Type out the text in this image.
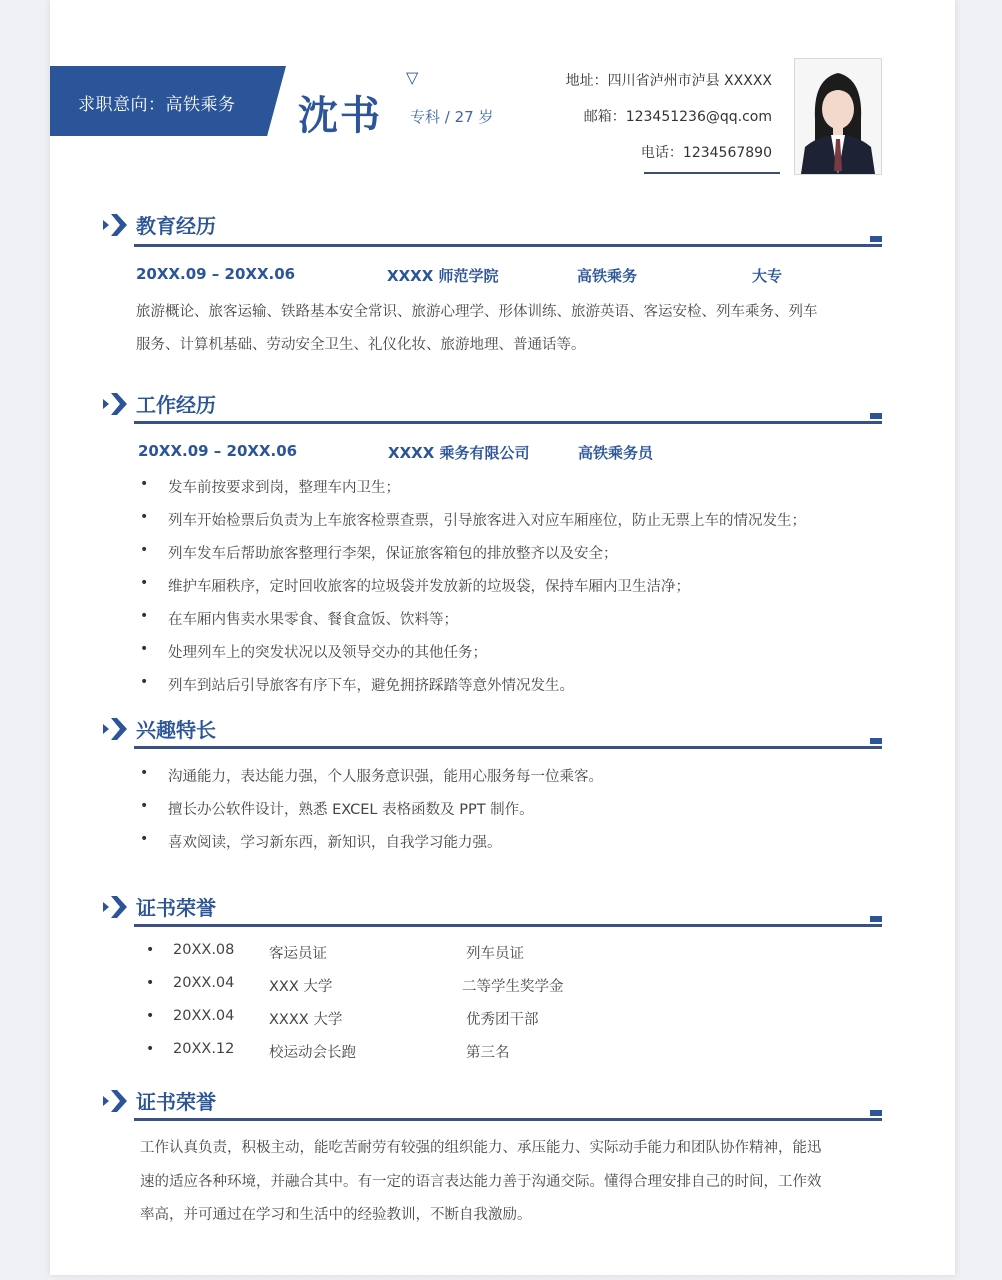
求职意向：高铁乘务 沈书
▽
专科 / 27 岁
地址：四川省泸州市泸县 XXXXX
邮箱：123451236@qq.com
电话：1234567890
教育经历
20XX.09 – 20XX.06	XXXX 师范学院	高铁乘务	大专
旅游概论、旅客运输、铁路基本安全常识、旅游心理学、形体训练、旅游英语、客运安检、列车乘务、列车
服务、计算机基础、劳动安全卫生、礼仪化妆、旅游地理、普通话等。
工作经历
20XX.09 – 20XX.06	XXXX 乘务有限公司	高铁乘务员
• 发车前按要求到岗，整理车内卫生；
• 列车开始检票后负责为上车旅客检票查票，引导旅客进入对应车厢座位，防止无票上车的情况发生；
• 列车发车后帮助旅客整理行李架，保证旅客箱包的排放整齐以及安全；
• 维护车厢秩序，定时回收旅客的垃圾袋并发放新的垃圾袋，保持车厢内卫生洁净；
• 在车厢内售卖水果零食、餐食盒饭、饮料等；
• 处理列车上的突发状况以及领导交办的其他任务；
• 列车到站后引导旅客有序下车，避免拥挤踩踏等意外情况发生。
兴趣特长
• 沟通能力，表达能力强，个人服务意识强，能用心服务每一位乘客。
• 擅长办公软件设计，熟悉 EXCEL 表格函数及 PPT 制作。
• 喜欢阅读，学习新东西，新知识，自我学习能力强。
证书荣誉
• 20XX.08 客运员证	列车员证
• 20XX.04 XXX 大学	二等学生奖学金
• 20XX.04 XXXX 大学	优秀团干部
• 20XX.12 校运动会长跑	第三名
证书荣誉
工作认真负责，积极主动，能吃苦耐劳有较强的组织能力、承压能力、实际动手能力和团队协作精神，能迅
速的适应各种环境，并融合其中。有一定的语言表达能力善于沟通交际。懂得合理安排自己的时间，工作效
率高，并可通过在学习和生活中的经验教训，不断自我激励。
